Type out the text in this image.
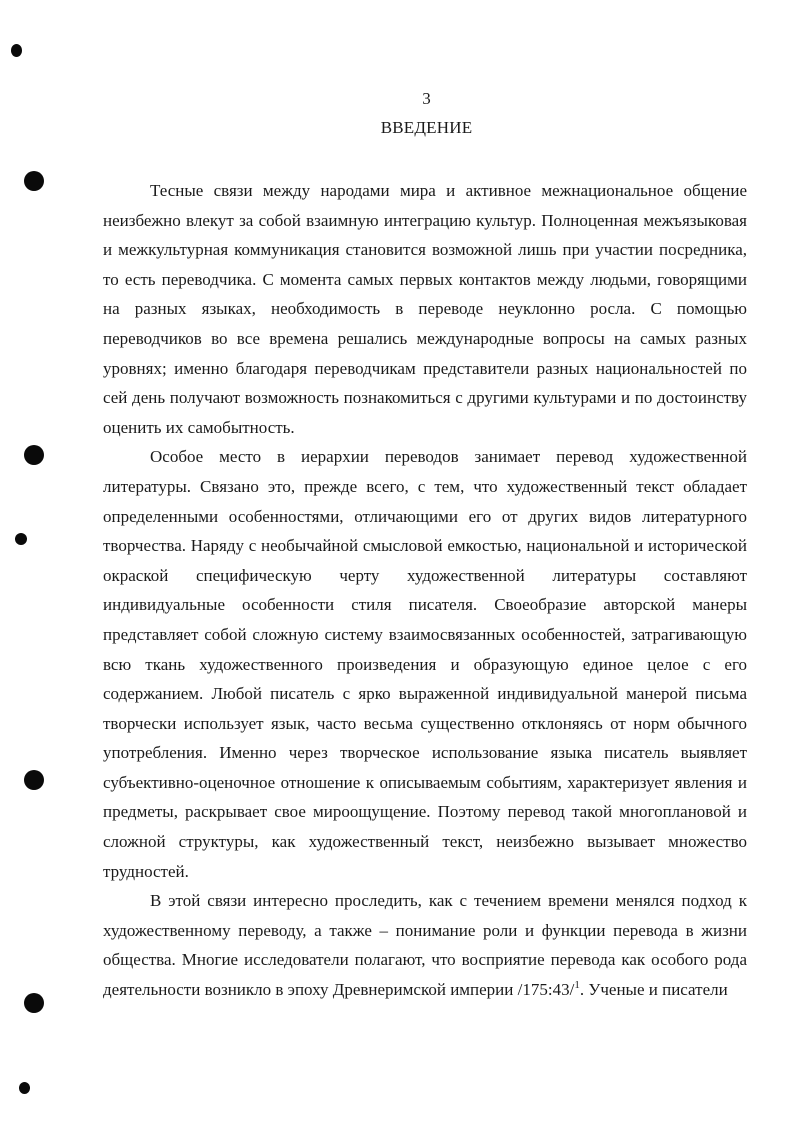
3
ВВЕДЕНИЕ

Тесные связи между народами мира и активное межнациональное общение неизбежно влекут за собой взаимную интеграцию культур. Полноценная межъязыковая и межкультурная коммуникация становится возможной лишь при участии посредника, то есть переводчика. С момента самых первых контактов между людьми, говорящими на разных языках, необходимость в переводе неуклонно росла. С помощью переводчиков во все времена решались международные вопросы на самых разных уровнях; именно благодаря переводчикам представители разных национальностей по сей день получают возможность познакомиться с другими культурами и по достоинству оценить их самобытность.

Особое место в иерархии переводов занимает перевод художественной литературы. Связано это, прежде всего, с тем, что художественный текст обладает определенными особенностями, отличающими его от других видов литературного творчества. Наряду с необычайной смысловой емкостью, национальной и исторической окраской специфическую черту художественной литературы составляют индивидуальные особенности стиля писателя. Своеобразие авторской манеры представляет собой сложную систему взаимосвязанных особенностей, затрагивающую всю ткань художественного произведения и образующую единое целое с его содержанием. Любой писатель с ярко выраженной индивидуальной манерой письма творчески использует язык, часто весьма существенно отклоняясь от норм обычного употребления. Именно через творческое использование языка писатель выявляет субъективно-оценочное отношение к описываемым событиям, характеризует явления и предметы, раскрывает свое мироощущение. Поэтому перевод такой многоплановой и сложной структуры, как художественный текст, неизбежно вызывает множество трудностей.

В этой связи интересно проследить, как с течением времени менялся подход к художественному переводу, а также – понимание роли и функции перевода в жизни общества. Многие исследователи полагают, что восприятие перевода как особого рода деятельности возникло в эпоху Древнеримской империи /175:43/$^1$. Ученые и писатели
